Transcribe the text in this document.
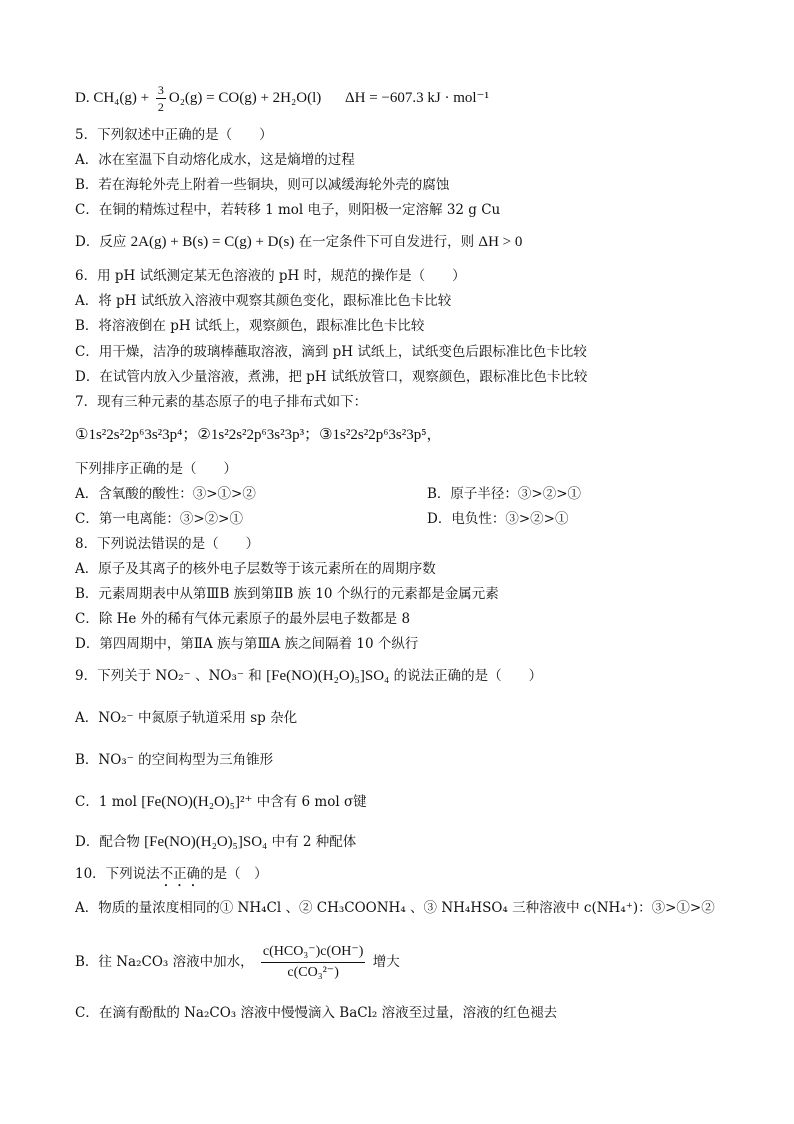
D. $CH_4(g) + \frac{3}{2} O_2(g) = CO(g) + 2H_2O(l) \Delta H = -607.3$ kJ · mol⁻¹
5．下列叙述中正确的是（　　）
A．冰在室温下自动熔化成水，这是熵增的过程
B．若在海轮外壳上附着一些铜块，则可以减缓海轮外壳的腐蚀
C．在铜的精炼过程中，若转移 1 mol 电子，则阳极一定溶解 32 g Cu
D．反应 2A(g) + B(s) = C(g) + D(s) 在一定条件下可自发进行，则 ΔH > 0
6．用 pH 试纸测定某无色溶液的 pH 时，规范的操作是（　　）
A．将 pH 试纸放入溶液中观察其颜色变化，跟标准比色卡比较
B．将溶液倒在 pH 试纸上，观察颜色，跟标准比色卡比较
C．用干燥，洁净的玻璃棒蘸取溶液，滴到 pH 试纸上，试纸变色后跟标准比色卡比较
D．在试管内放入少量溶液，煮沸，把 pH 试纸放管口，观察颜色，跟标准比色卡比较
7．现有三种元素的基态原子的电子排布式如下：
①1s²2s²2p⁶3s²3p⁴；②1s²2s²2p⁶3s²3p³；③1s²2s²2p⁶3s²3p⁵，
下列排序正确的是（　　）
A．含氧酸的酸性：③>①>②	B．原子半径：③>②>①
C．第一电离能：③>②>①	D．电负性：③>②>①
8．下列说法错误的是（　　）
A．原子及其离子的核外电子层数等于该元素所在的周期序数
B．元素周期表中从第ⅢB 族到第ⅡB 族 10 个纵行的元素都是金属元素
C．除 He 外的稀有气体元素原子的最外层电子数都是 8
D．第四周期中，第ⅡA 族与第ⅢA 族之间隔着 10 个纵行
9．下列关于 NO₂⁻ 、NO₃⁻ 和 [Fe(NO)(H₂O)₅]SO₄ 的说法正确的是（　　）
A．NO₂⁻ 中氮原子轨道采用 sp 杂化
B．NO₃⁻ 的空间构型为三角锥形
C．1 mol [Fe(NO)(H₂O)₅]²⁺ 中含有 6 mol σ键
D．配合物 [Fe(NO)(H₂O)₅]SO₄ 中有 2 种配体
10．下列说法不正确的是（　）
A．物质的量浓度相同的① NH₄Cl 、② CH₃COONH₄ 、③ NH₄HSO₄ 三种溶液中 c(NH₄⁺)：③>①>②
B．往 Na₂CO₃ 溶液中加水， $\frac{\text{c(HCO₃⁻)c(OH⁻)}}{\text{c(CO₃²⁻)}}$ 增大
C．在滴有酚酞的 Na₂CO₃ 溶液中慢慢滴入 BaCl₂ 溶液至过量，溶液的红色褪去
